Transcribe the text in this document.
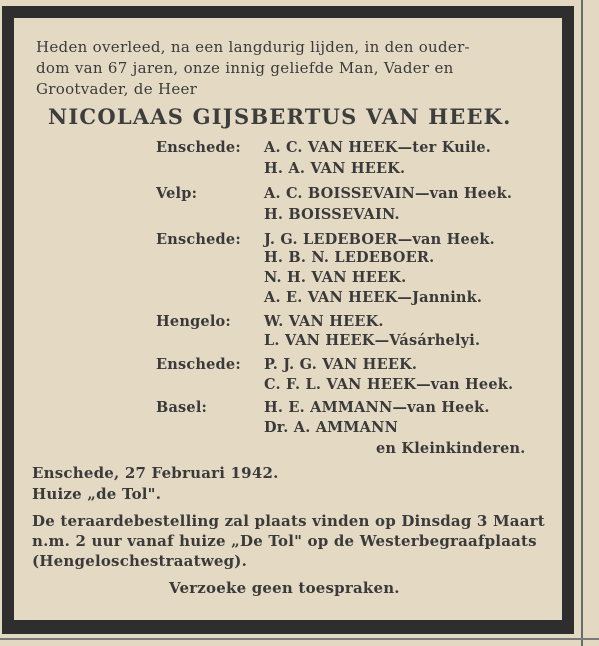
Heden overleed, na een langdurig lijden, in den ouder-
dom van 67 jaren, onze innig geliefde Man, Vader en
Grootvader, de Heer
NICOLAAS GIJSBERTUS VAN HEEK.
Enschede: A. C. VAN HEEK—ter Kuile.
H. A. VAN HEEK.
Velp:	A. C. BOISSEVAIN—van Heek.
H. BOISSEVAIN.
Enschede: J. G. LEDEBOER—van Heek.
H. B. N. LEDEBOER.
N. H. VAN HEEK.
A. E. VAN HEEK—Jannink.
Hengelo: W. VAN HEEK.
L. VAN HEEK—Vásárhelyi.
Enschede: P. J. G. VAN HEEK.
C. F. L. VAN HEEK—van Heek.
Basel:	H. E. AMMANN—van Heek.
Dr. A. AMMANN
en Kleinkinderen.
Enschede, 27 Februari 1942.
Huize „de Tol".
De teraardebestelling zal plaats vinden op Dinsdag 3 Maart
n.m. 2 uur vanaf huize „De Tol" op de Westerbegraafplaats
(Hengeloschestraatweg).
Verzoeke geen toespraken.
